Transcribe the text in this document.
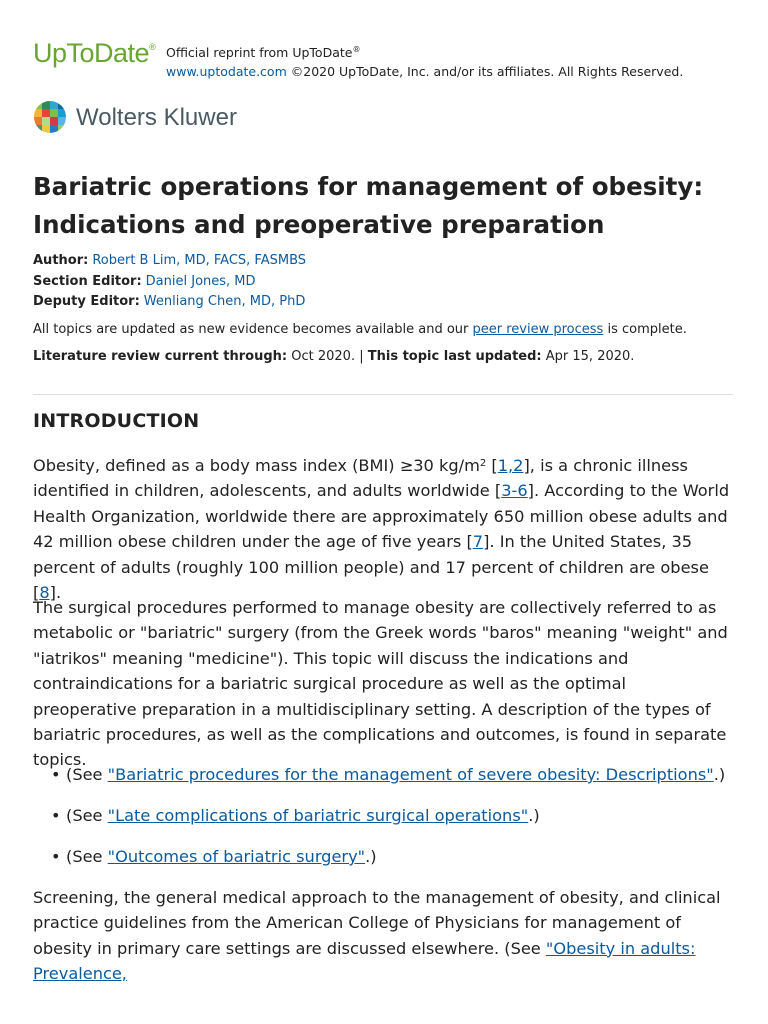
UpToDate® Official reprint from UpToDate®
www.uptodate.com ©2020 UpToDate, Inc. and/or its affiliates. All Rights Reserved.
Wolters Kluwer
Bariatric operations for management of obesity:
Indications and preoperative preparation
Author: Robert B Lim, MD, FACS, FASMBS
Section Editor: Daniel Jones, MD
Deputy Editor: Wenliang Chen, MD, PhD
All topics are updated as new evidence becomes available and our peer review process is complete.
Literature review current through: Oct 2020. | This topic last updated: Apr 15, 2020.
INTRODUCTION

Obesity, defined as a body mass index (BMI) ≥30 $kg/m^2$ [1,2], is a chronic illness identified in children, adolescents, and adults worldwide [3-6]. According to the World Health Organization, worldwide there are approximately 650 million obese adults and 42 million obese children under the age of five years [7]. In the United States, 35 percent of adults (roughly 100 million people) and 17 percent of children are obese [8].

The surgical procedures performed to manage obesity are collectively referred to as metabolic or "bariatric" surgery (from the Greek words "baros" meaning "weight" and "iatrikos" meaning "medicine"). This topic will discuss the indications and contraindications for a bariatric surgical procedure as well as the optimal preoperative preparation in a multidisciplinary setting. A description of the types of bariatric procedures, as well as the complications and outcomes, is found in separate topics.

• (See "Bariatric procedures for the management of severe obesity: Descriptions".)
• (See "Late complications of bariatric surgical operations".)
• (See "Outcomes of bariatric surgery".)

Screening, the general medical approach to the management of obesity, and clinical practice guidelines from the American College of Physicians for management of obesity in primary care settings are discussed elsewhere. (See "Obesity in adults: Prevalence,
